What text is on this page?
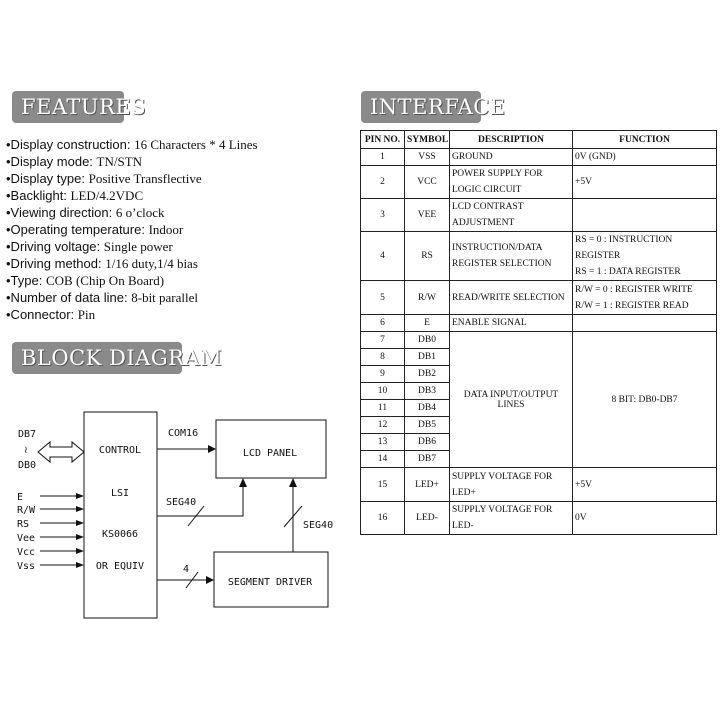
FEATURES
•Display construction: 16 Characters * 4 Lines
•Display mode: TN/STN
•Display type: Positive Transflective
•Backlight: LED/4.2VDC
•Viewing direction: 6 o’clock
•Operating temperature: Indoor
•Driving voltage: Single power
•Driving method: 1/16 duty,1/4 bias
•Type: COB (Chip On Board)
•Number of data line: 8-bit parallel
•Connector: Pin
INTERFACE
PIN NO.	SYMBOL	DESCRIPTION	FUNCTION
1	VSS	GROUND	0V (GND)
2	VCC	POWER SUPPLY FOR LOGIC CIRCUIT	+5V
3	VEE	LCD CONTRAST ADJUSTMENT	
4	RS	INSTRUCTION/DATA REGISTER SELECTION	RS = 0 : INSTRUCTION REGISTER
RS = 1 : DATA REGISTER

5	R/W	READ/WRITE SELECTION	R/W = 0 : REGISTER WRITE
R/W = 1 : REGISTER READ

6	E	ENABLE SIGNAL	
7	DB0	DATA INPUT/OUTPUT LINES	8 BIT: DB0-DB7
8	DB1		
9	DB2		
10	DB3		
11	DB4		
12	DB5		
13	DB6		
14	DB7		
15	LED+	SUPPLY VOLTAGE FOR LED+	+5V
16	LED-	SUPPLY VOLTAGE FOR LED-	0V
BLOCK DIAGRAM
CONTROL
LSI
KS0066
OR EQUIV
LCD PANEL
SEGMENT DRIVER
DB7
≀
DB0
E
R/W
RS
Vee
Vcc
Vss
COM16
SEG40
SEG40
4
